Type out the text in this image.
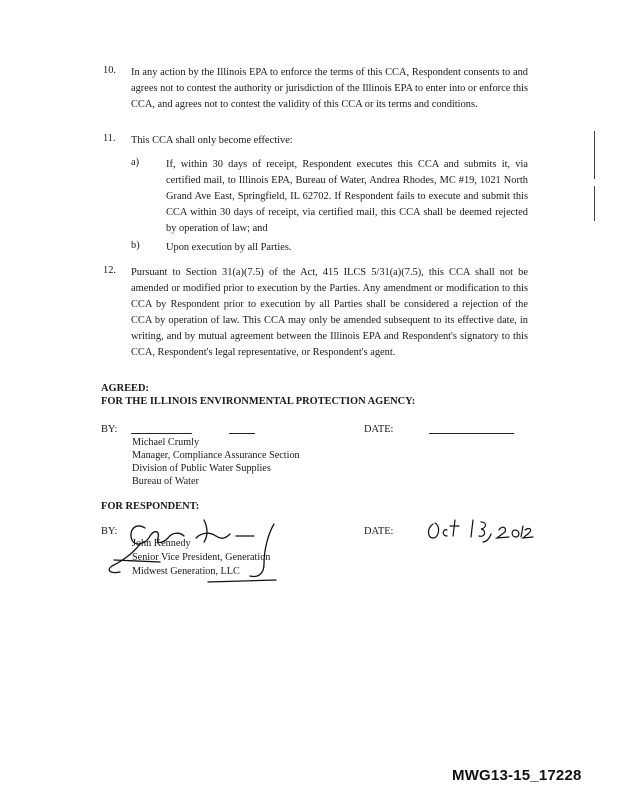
10. In any action by the Illinois EPA to enforce the terms of this CCA, Respondent consents to and agrees not to contest the authority or jurisdiction of the Illinois EPA to enter into or enforce this CCA, and agrees not to contest the validity of this CCA or its terms and conditions.
11. This CCA shall only become effective:
a)	If, within 30 days of receipt, Respondent executes this CCA and submits it, via certified mail, to Illinois EPA, Bureau of Water, Andrea Rhodes, MC #19, 1021 North Grand Ave East, Springfield, IL 62702. If Respondent fails to execute and submit this CCA within 30 days of receipt, via certified mail, this CCA shall be deemed rejected by operation of law; and
b)	Upon execution by all Parties.
12. Pursuant to Section 31(a)(7.5) of the Act, 415 ILCS 5/31(a)(7.5), this CCA shall not be amended or modified prior to execution by the Parties. Any amendment or modification to this CCA by Respondent prior to execution by all Parties shall be considered a rejection of the CCA by operation of law. This CCA may only be amended subsequent to its effective date, in writing, and by mutual agreement between the Illinois EPA and Respondent's signatory to this CCA, Respondent's legal representative, or Respondent's agent.
AGREED:
FOR THE ILLINOIS ENVIRONMENTAL PROTECTION AGENCY:
BY:	DATE:
Michael Crumly
Manager, Compliance Assurance Section
Division of Public Water Supplies
Bureau of Water
FOR RESPONDENT:
BY:	DATE:
John Kennedy
Senior Vice President, Generation
Midwest Generation, LLC
Oct 15, 2012
MWG13-15_17228
